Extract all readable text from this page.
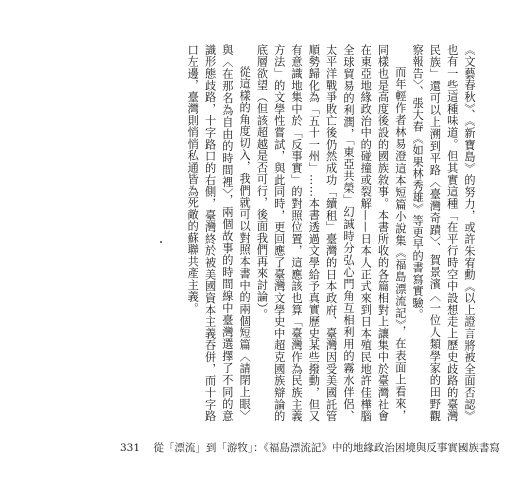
《文藝春秋》、《新寶島》的努力，或許朱宥勳《以上證言將被全面否認》也有一些這種味道。但其實這種「在平行時空中設想走上歷史歧路的臺灣民族」還可以上溯到平路〈臺灣奇蹟〉、賀景濱〈一位人類學家的田野觀察報告〉、張大春《如果林秀雄》等更早的書寫實驗。

而年輕作者林易澄這本短篇小說集《福島漂流記》，在表面上看來，同樣也是高度後設的國族敘事。本書所收的各篇相對上讓集中於臺灣社會在東亞地緣政治中的碰撞或裂解——日本人正式來到日本殖民地許佳樺腦全球貿易的利潤，「東亞共榮」幻誠時分弘心門角互相利用的霧水伴侶、太平洋戰爭敗亡後仍然成功「續租」臺灣的日本政府、臺灣因受美國託管順勢歸化為「五十一州」……本書透過文學給予真實歷史某些撥動，但又有意識地集中於「反事實」的對照位置，這應該也算「臺灣作為民族主義方法」的文學性嘗試，與此同時，更回應了臺灣文學史中超克國族辯論的底層欲望（但該超越是否可行，後面我們再來討論）。

從這樣的角度切入，我們就可以對照本書中的兩個短篇〈請閉上眼〉與〈在那名為自由的時間裡〉，兩個故事的時間線中臺灣選擇了不同的意識形態歧路，十字路口的右側，臺灣終於被美國資本主義吞併，而十字路口左邊，臺灣則悄悄私通皆為死敵的蘇聯共產主義。

331 從「漂流」到「游牧」：《福島漂流記》中的地緣政治困境與反事實國族書寫
